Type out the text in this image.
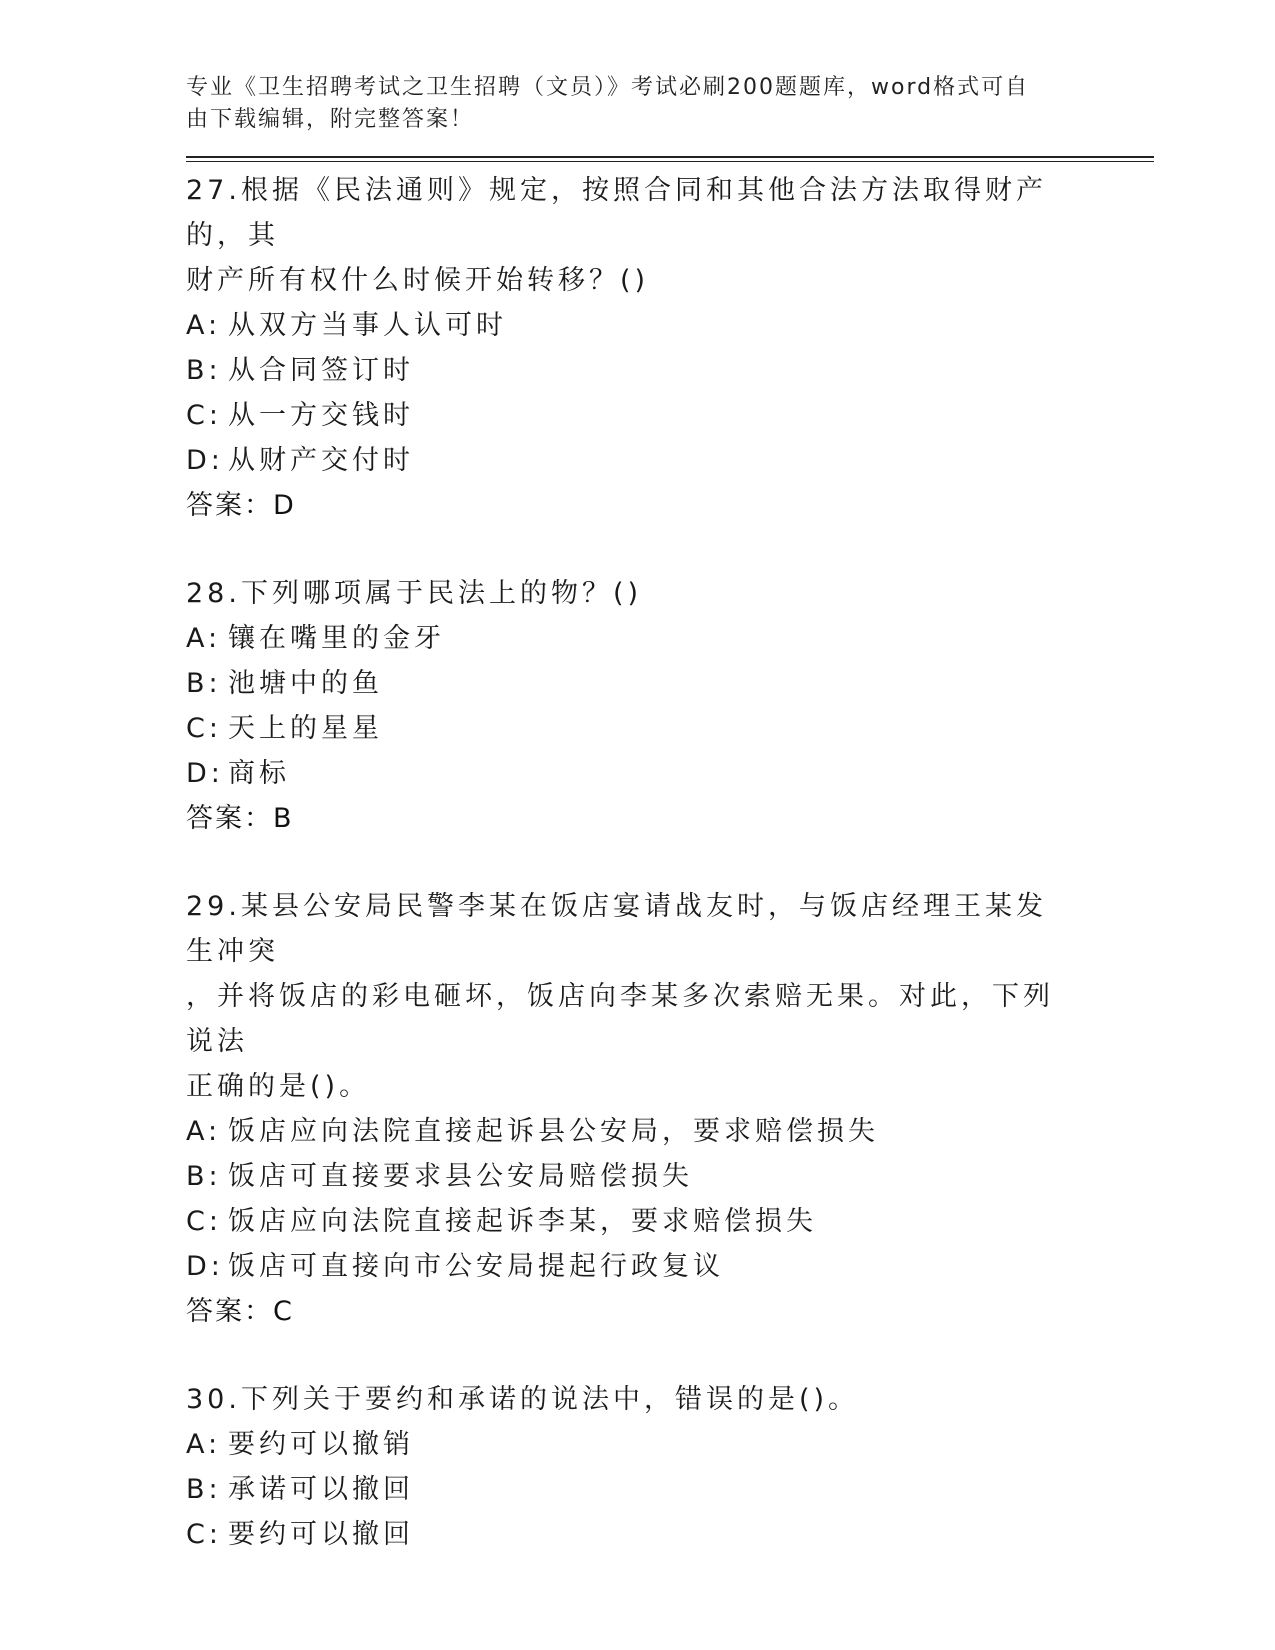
专业《卫生招聘考试之卫生招聘（文员）》考试必刷200题题库，word格式可自
由下载编辑，附完整答案！

27.根据《民法通则》规定，按照合同和其他合法方法取得财产的，其

财产所有权什么时候开始转移？()

A: 从双方当事人认可时

B: 从合同签订时

C: 从一方交钱时

D: 从财产交付时

答案：D

28.下列哪项属于民法上的物？()

A: 镶在嘴里的金牙

B: 池塘中的鱼

C: 天上的星星

D: 商标

答案：B

29.某县公安局民警李某在饭店宴请战友时，与饭店经理王某发生冲突

，并将饭店的彩电砸坏，饭店向李某多次索赔无果。对此，下列说法

正确的是()。

A: 饭店应向法院直接起诉县公安局，要求赔偿损失

B: 饭店可直接要求县公安局赔偿损失

C: 饭店应向法院直接起诉李某，要求赔偿损失

D: 饭店可直接向市公安局提起行政复议

答案：C

30.下列关于要约和承诺的说法中，错误的是()。

A: 要约可以撤销

B: 承诺可以撤回

C: 要约可以撤回
